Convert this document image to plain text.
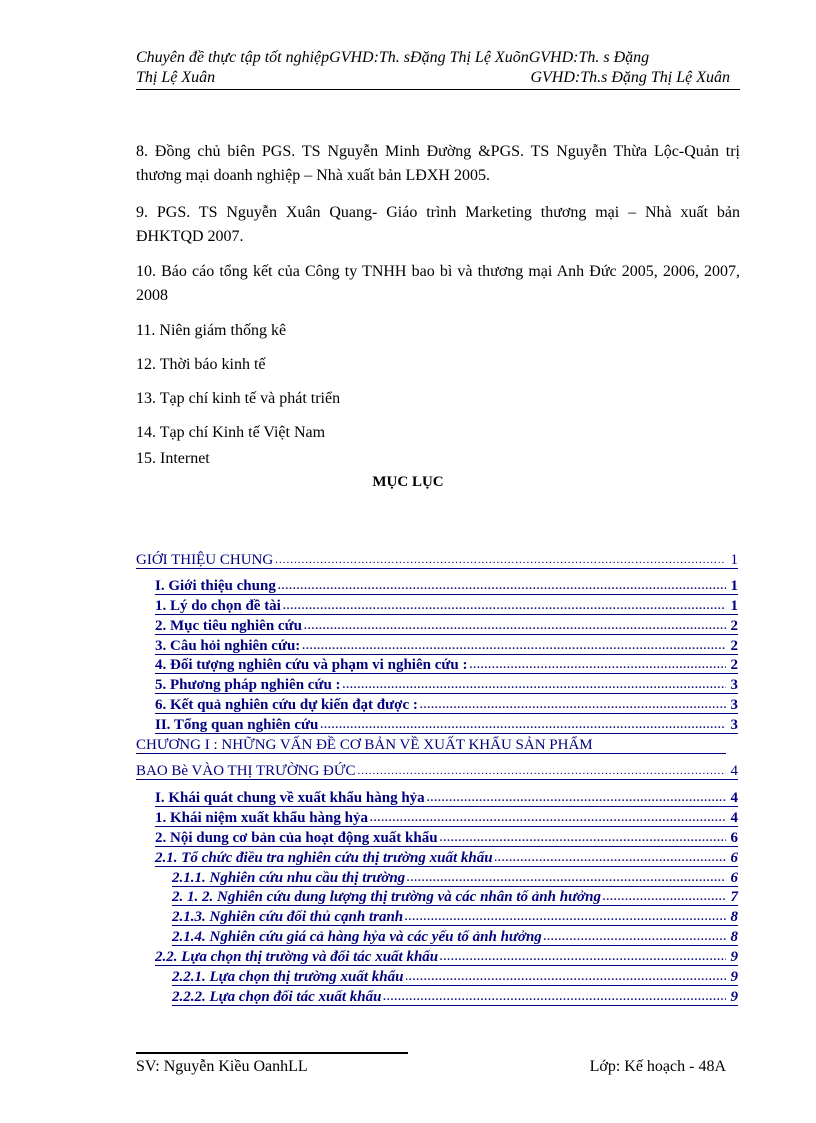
Chuyên đề thực tập tốt nghiệpGVHD:Th. sĐặng Thị Lệ XuõnGVHD:Th. s Đặng
Thị Lệ Xuân	GVHD:Th.s Đặng Thị Lệ Xuân
8. Đồng chủ biên PGS. TS Nguyễn Minh Đường &PGS. TS Nguyễn Thừa Lộc-Quản trị thương mại doanh nghiệp – Nhà xuất bản LĐXH 2005.
9. PGS. TS Nguyễn Xuân Quang- Giáo trình Marketing thương mại – Nhà xuất bản ĐHKTQD 2007.
10. Báo cáo tổng kết của Công ty TNHH bao bì và thương mại Anh Đức 2005, 2006, 2007, 2008
11. Niên giám thống kê
12. Thời báo kinh tế
13. Tạp chí kinh tế và phát triển
14. Tạp chí Kinh tế Việt Nam
15. Internet
MỤC LỤC
GIỚI THIỆU CHUNG .....	1
I. Giới thiệu chung .....	1
1. Lý do chọn đề tài .....	1
2. Mục tiêu nghiên cứu .....	2
3. Câu hỏi nghiên cứu: .....	2
4. Đối tượng nghiên cứu và phạm vi nghiên cứu : .....	2
5. Phương pháp nghiên cứu : .....	3
6. Kết quả nghiên cứu dự kiến đạt được : .....	3
II. Tổng quan nghiên cứu .....	3
CHƯƠNG I : NHỮNG VẤN ĐỀ CƠ BẢN VỀ XUẤT KHẨU SẢN PHẨM
BAO Bè VÀO THỊ TRƯỜNG ĐỨC .....	4
I. Khái quát chung về xuất khẩu hàng hỷa .....	4
1. Khái niệm xuất khẩu hàng hỷa .....	4
2. Nội dung cơ bản của hoạt động xuất khẩu .....	6
2.1. Tổ chức điều tra nghiên cứu thị trường xuất khẩu .....	6
2.1.1. Nghiên cứu nhu cầu thị trường .....	6
2. 1. 2. Nghiên cứu dung lượng thị trường và các nhân tố ảnh hưởng .....	7
2.1.3. Nghiên cứu đối thủ cạnh tranh .....	8
2.1.4. Nghiên cứu giá cả hàng hỷa và các yếu tố ảnh hưởng .....	8
2.2. Lựa chọn thị trường và đối tác xuất khẩu .....	9
2.2.1. Lựa chọn thị trường xuất khẩu .....	9
2.2.2. Lựa chọn đối tác xuất khẩu .....	9
SV: Nguyễn Kiều OanhLL	Lớp: Kế hoạch - 48A
